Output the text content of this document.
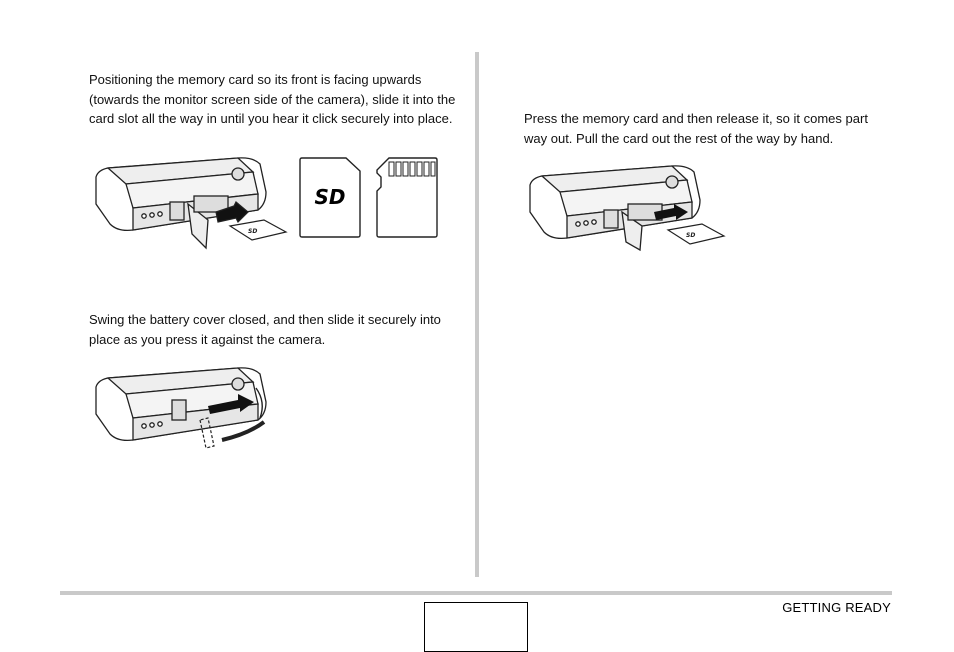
Positioning the memory card so its front is facing upwards (towards the monitor screen side of the camera), slide it into the card slot all the way in until you hear it click securely into place.
SD
SD
Swing the battery cover closed, and then slide it securely into place as you press it against the camera.
Press the memory card and then release it, so it comes part way out. Pull the card out the rest of the way by hand.
SD
GETTING READY
